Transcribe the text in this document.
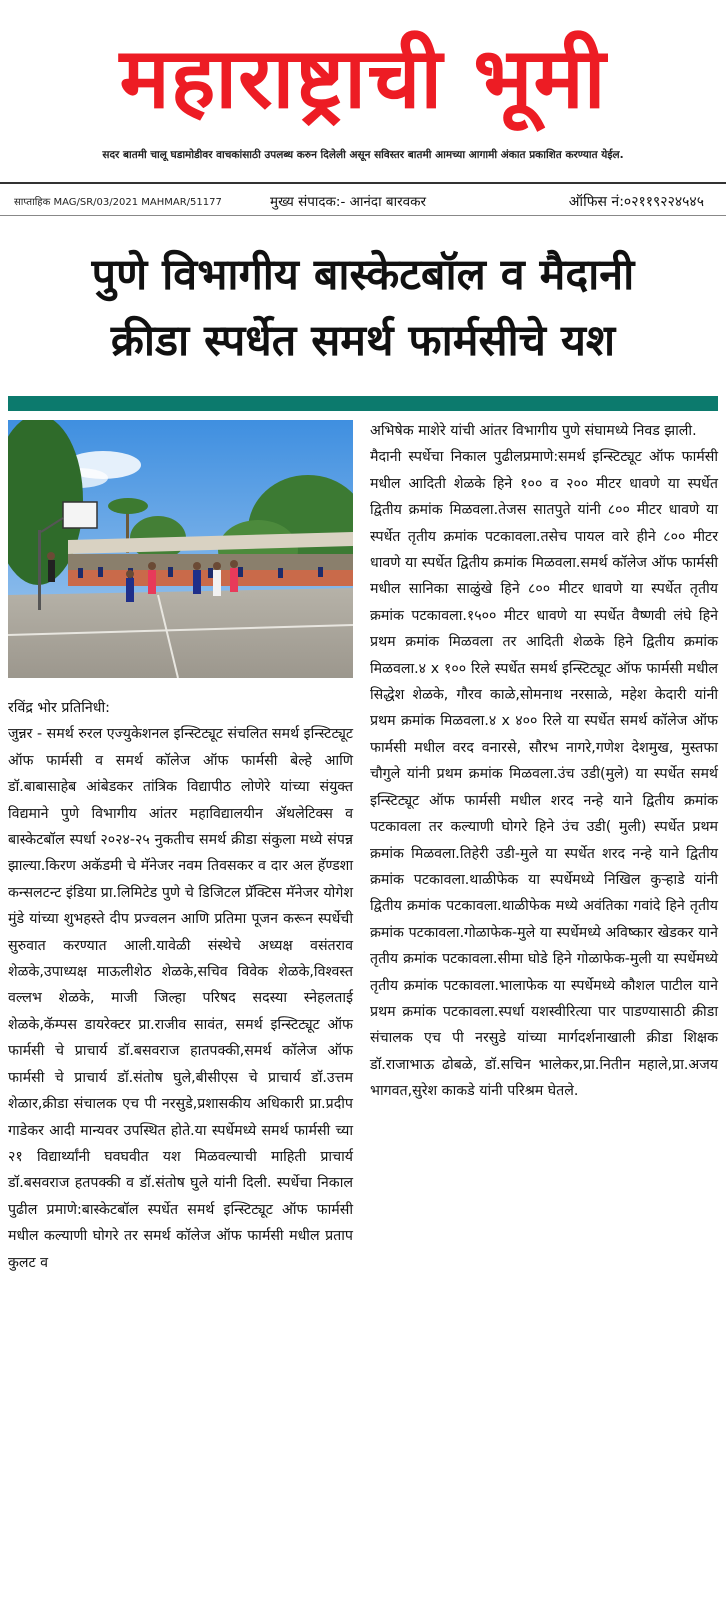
महाराष्ट्राची भूमी
सदर बातमी चालू घडामोडीवर वाचकांसाठी उपलब्ध करुन दिलेली असून सविस्तर बातमी आमच्या आगामी अंकात प्रकाशित करण्यात येईल.
साप्ताहिक MAG/SR/03/2021 MAHMAR/51177	मुख्य संपादक:- आनंदा बारवकर	ऑफिस नं:०२११९२२४५४५
पुणे विभागीय बास्केटबॉल व मैदानी
क्रीडा स्पर्धेत समर्थ फार्मसीचे यश

रविंद्र भोर प्रतिनिधी:

जुन्नर - समर्थ रुरल एज्युकेशनल इन्स्टिट्यूट संचलित समर्थ इन्स्टिट्यूट ऑफ फार्मसी व समर्थ कॉलेज ऑफ फार्मसी बेल्हे आणि डॉ.बाबासाहेब आंबेडकर तांत्रिक विद्यापीठ लोणेरे यांच्या संयुक्त विद्यमाने पुणे विभागीय आंतर महाविद्यालयीन ॲथलेटिक्स व बास्केटबॉल स्पर्धा २०२४-२५ नुकतीच समर्थ क्रीडा संकुला मध्ये संपन्न झाल्या.किरण अकॅडमी चे मॅनेजर नवम तिवसकर व दार अल हॅण्डशा कन्सलटन्ट इंडिया प्रा.लिमिटेड पुणे चे डिजिटल प्रॅक्टिस मॅनेजर योगेश मुंडे यांच्या शुभहस्ते दीप प्रज्वलन आणि प्रतिमा पूजन करून स्पर्धेची सुरुवात करण्यात आली.यावेळी संस्थेचे अध्यक्ष वसंतराव शेळके,उपाध्यक्ष माऊलीशेठ शेळके,सचिव विवेक शेळके,विश्वस्त वल्लभ शेळके, माजी जिल्हा परिषद सदस्या स्नेहलताई शेळके,कॅम्पस डायरेक्टर प्रा.राजीव सावंत, समर्थ इन्स्टिट्यूट ऑफ फार्मसी चे प्राचार्य डॉ.बसवराज हातपक्की,समर्थ कॉलेज ऑफ फार्मसी चे प्राचार्य डॉ.संतोष घुले,बीसीएस चे प्राचार्य डॉ.उत्तम शेळार,क्रीडा संचालक एच पी नरसुडे,प्रशासकीय अधिकारी प्रा.प्रदीप गाडेकर आदी मान्यवर उपस्थित होते.या स्पर्धेमध्ये समर्थ फार्मसी च्या २१ विद्यार्थ्यांनी घवघवीत यश मिळवल्याची माहिती प्राचार्य डॉ.बसवराज हतपक्की व डॉ.संतोष घुले यांनी दिली. स्पर्धेचा निकाल पुढील प्रमाणे:बास्केटबॉल स्पर्धेत समर्थ इन्स्टिट्यूट ऑफ फार्मसी मधील कल्याणी घोगरे तर समर्थ कॉलेज ऑफ फार्मसी मधील प्रताप कुलट व

अभिषेक माशेरे यांची आंतर विभागीय पुणे संघामध्ये निवड झाली.

मैदानी स्पर्धेचा निकाल पुढीलप्रमाणे:समर्थ इन्स्टिट्यूट ऑफ फार्मसी मधील आदिती शेळके हिने १०० व २०० मीटर धावणे या स्पर्धेत द्वितीय क्रमांक मिळवला.तेजस सातपुते यांनी ८०० मीटर धावणे या स्पर्धेत तृतीय क्रमांक पटकावला.तसेच पायल वारे हीने ८०० मीटर धावणे या स्पर्धेत द्वितीय क्रमांक मिळवला.समर्थ कॉलेज ऑफ फार्मसी मधील सानिका साळुंखे हिने ८०० मीटर धावणे या स्पर्धेत तृतीय क्रमांक पटकावला.१५०० मीटर धावणे या स्पर्धेत वैष्णवी लंघे हिने प्रथम क्रमांक मिळवला तर आदिती शेळके हिने द्वितीय क्रमांक मिळवला.४ x १०० रिले स्पर्धेत समर्थ इन्स्टिट्यूट ऑफ फार्मसी मधील सिद्धेश शेळके, गौरव काळे,सोमनाथ नरसाळे, महेश केदारी यांनी प्रथम क्रमांक मिळवला.४ x ४०० रिले या स्पर्धेत समर्थ कॉलेज ऑफ फार्मसी मधील वरद वनारसे, सौरभ नागरे,गणेश देशमुख, मुस्तफा चौगुले यांनी प्रथम क्रमांक मिळवला.उंच उडी(मुले) या स्पर्धेत समर्थ इन्स्टिट्यूट ऑफ फार्मसी मधील शरद नन्हे याने द्वितीय क्रमांक पटकावला तर कल्याणी घोगरे हिने उंच उडी( मुली) स्पर्धेत प्रथम क्रमांक मिळवला.तिहेरी उडी-मुले या स्पर्धेत शरद नन्हे याने द्वितीय क्रमांक पटकावला.थाळीफेक या स्पर्धेमध्ये निखिल कुऱ्हाडे यांनी द्वितीय क्रमांक पटकावला.थाळीफेक मध्ये अवंतिका गवांदे हिने तृतीय क्रमांक पटकावला.गोळाफेक-मुले या स्पर्धेमध्ये अविष्कार खेडकर याने तृतीय क्रमांक पटकावला.सीमा घोडे हिने गोळाफेक-मुली या स्पर्धेमध्ये तृतीय क्रमांक पटकावला.भालाफेक या स्पर्धेमध्ये कौशल पाटील याने प्रथम क्रमांक पटकावला.स्पर्धा यशस्वीरित्या पार पाडण्यासाठी क्रीडा संचालक एच पी नरसुडे यांच्या मार्गदर्शनाखाली क्रीडा शिक्षक डॉ.राजाभाऊ ढोबळे, डॉ.सचिन भालेकर,प्रा.नितीन महाले,प्रा.अजय भागवत,सुरेश काकडे यांनी परिश्रम घेतले.
